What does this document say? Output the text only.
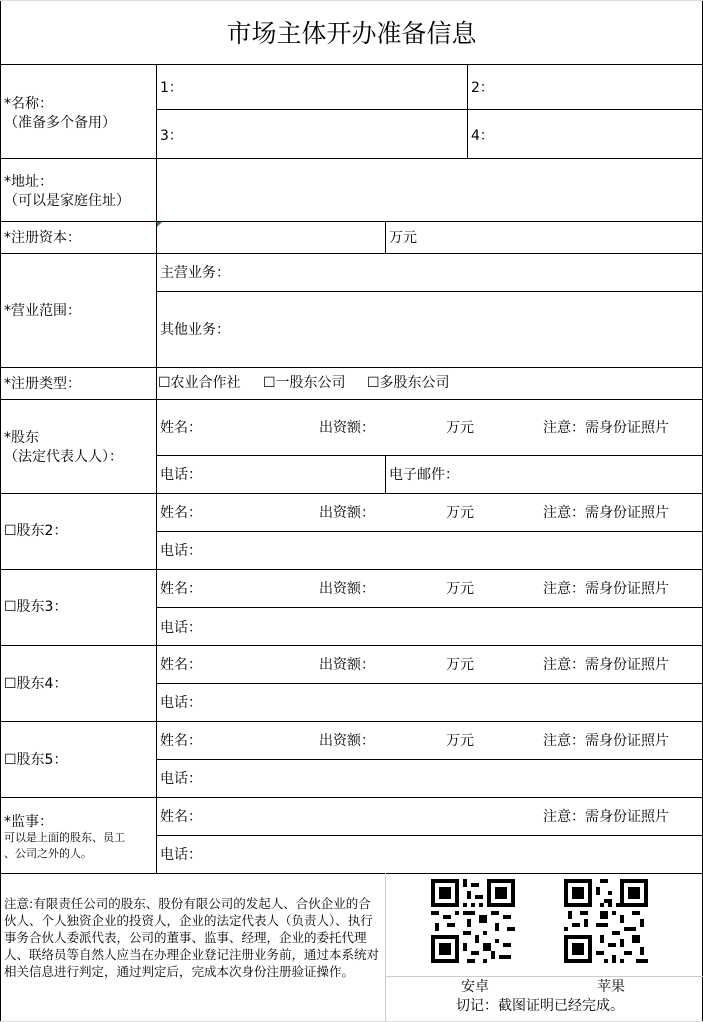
市场主体开办准备信息
*名称：
（准备多个备用）
1：	2：
3：	4：
*地址：
（可以是家庭住址）
*注册资本：	万元
*营业范围：
主营业务：
其他业务：
*注册类型：	☐农业合作社 ☐一股东公司 ☐多股东公司
*股东
（法定代表人人）：
姓名：	出资额：	万元	注意：需身份证照片
电话：	电子邮件：
☐股东2：
姓名：	出资额：	万元	注意：需身份证照片
电话：
☐股东3：
姓名：	出资额：	万元	注意：需身份证照片
电话：
☐股东4：
姓名：	出资额：	万元	注意：需身份证照片
电话：
☐股东5：
姓名：	出资额：	万元	注意：需身份证照片
电话：
*监事：
可以是上面的股东、员工
、公司之外的人。
姓名：	注意：需身份证照片
电话：
注意:有限责任公司的股东、股份有限公司的发起人、合伙企业的合伙人、个人独资企业的投资人，企业的法定代表人（负责人）、执行事务合伙人委派代表，公司的董事、监事、经理，企业的委托代理人、联络员等自然人应当在办理企业登记注册业务前，通过本系统对相关信息进行判定，通过判定后，完成本次身份注册验证操作。
安卓	苹果
切记：截图证明已经完成。
